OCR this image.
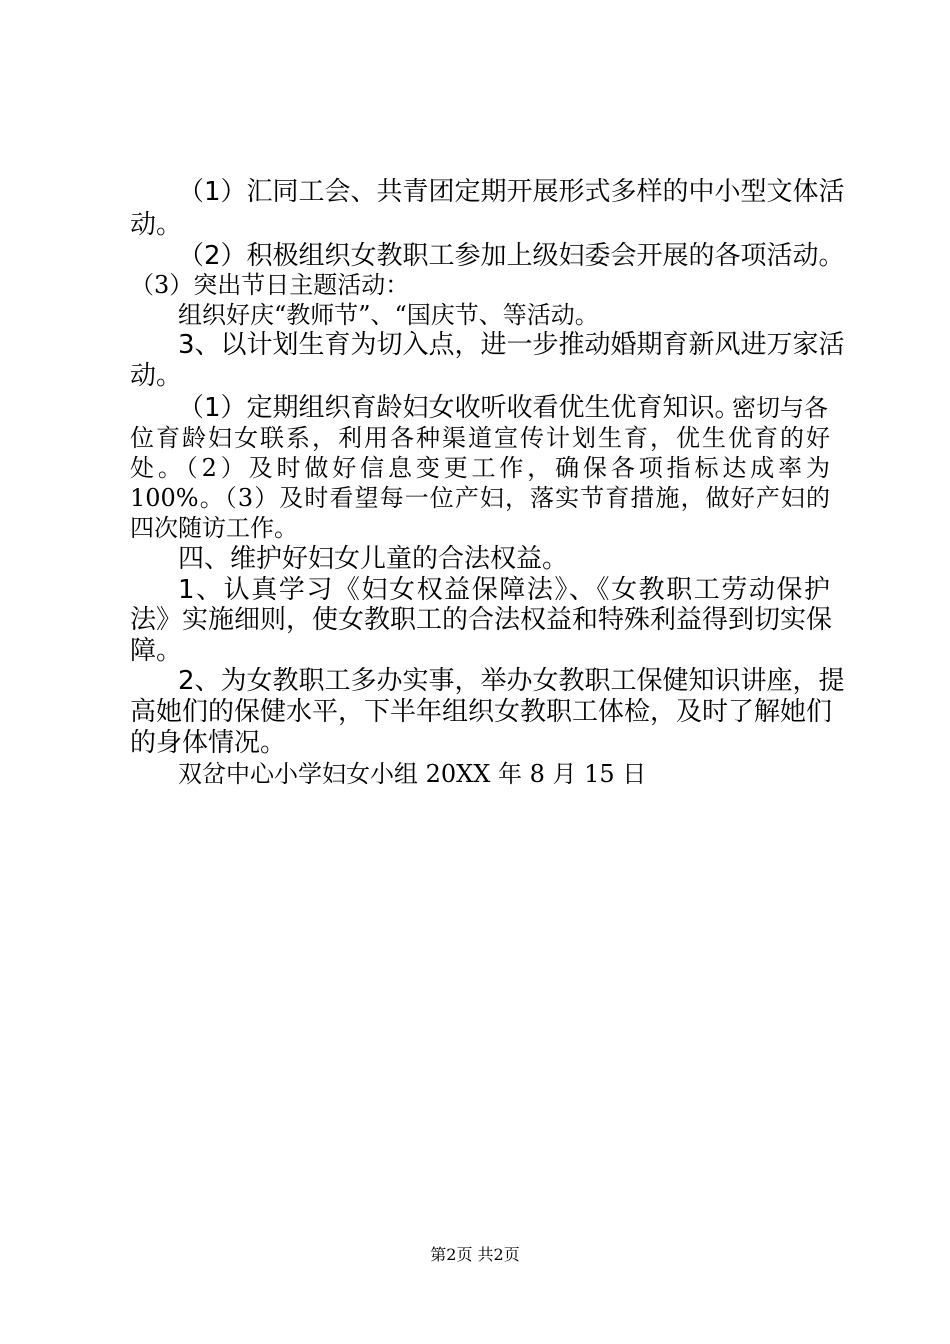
（1）汇同工会、共青团定期开展形式多样的中小型文体活
动。
（2）积极组织女教职工参加上级妇委会开展的各项活动。
（3）突出节日主题活动：
组织好庆“教师节”、“国庆节、等活动。
3、以计划生育为切入点，进一步推动婚期育新风进万家活
动。
（1）定期组织育龄妇女收听收看优生优育知识。
密切与各
位育龄妇女联系，利用各种渠道宣传计划生育，优生优育的好
处。（2）及时做好信息变更工作，确保各项指标达成率为
100%。（3）及时看望每一位产妇，落实节育措施，做好产妇的
四次随访工作。
四、维护好妇女儿童的合法权益。
1、认真学习《妇女权益保障法》、《女教职工劳动保护
法》实施细则，使女教职工的合法权益和特殊利益得到切实保
障。
2、为女教职工多办实事，举办女教职工保健知识讲座，提
高她们的保健水平，下半年组织女教职工体检，及时了解她们
的身体情况。
双岔中心小学妇女小组 20XX 年 8 月 15 日
第2页 共2页
